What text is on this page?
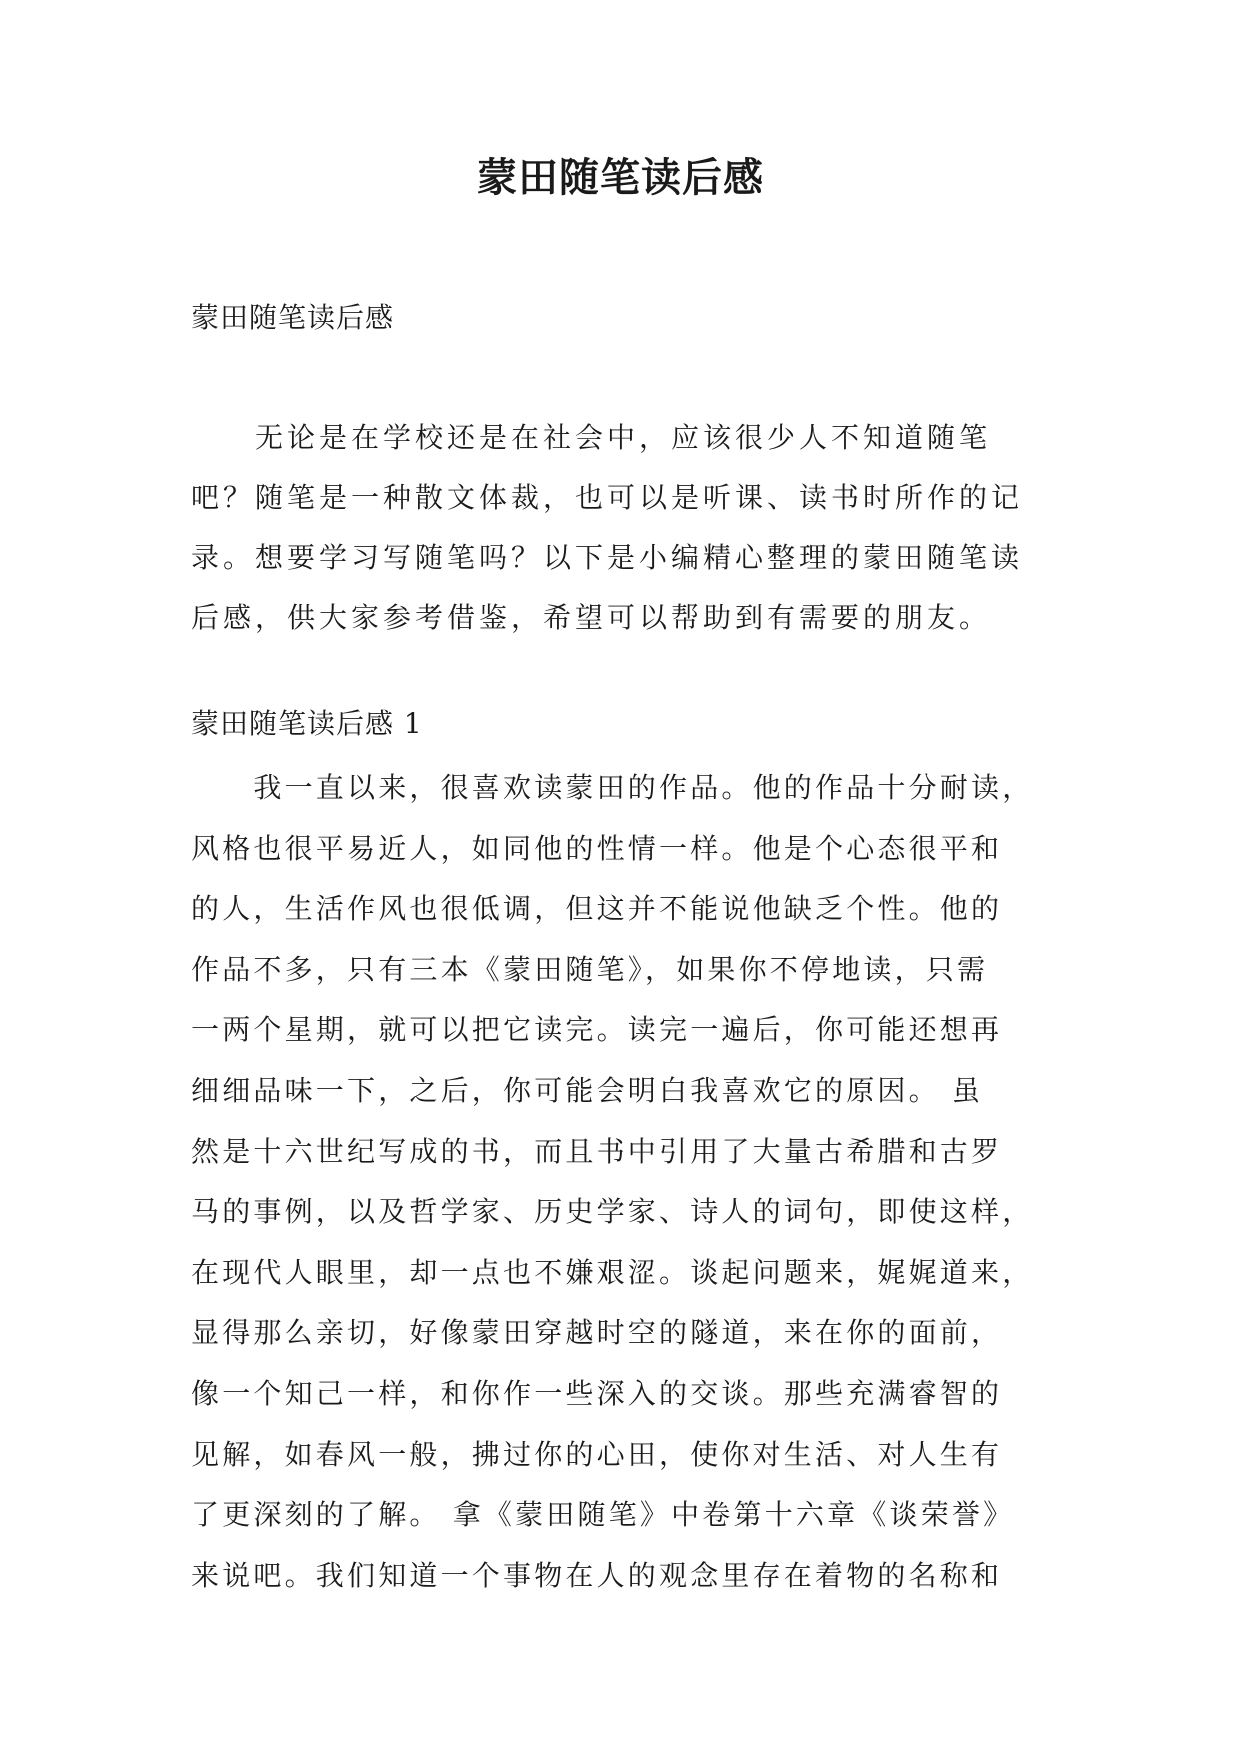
蒙田随笔读后感

蒙田随笔读后感

　　无论是在学校还是在社会中，应该很少人不知道随笔
吧？随笔是一种散文体裁，也可以是听课、读书时所作的记
录。想要学习写随笔吗？以下是小编精心整理的蒙田随笔读
后感，供大家参考借鉴，希望可以帮助到有需要的朋友。

蒙田随笔读后感 1

　　我一直以来，很喜欢读蒙田的作品。他的作品十分耐读，
风格也很平易近人，如同他的性情一样。他是个心态很平和
的人，生活作风也很低调，但这并不能说他缺乏个性。他的
作品不多，只有三本《蒙田随笔》，如果你不停地读，只需
一两个星期，就可以把它读完。读完一遍后，你可能还想再
细细品味一下，之后，你可能会明白我喜欢它的原因。 虽
然是十六世纪写成的书，而且书中引用了大量古希腊和古罗
马的事例，以及哲学家、历史学家、诗人的词句，即使这样，
在现代人眼里，却一点也不嫌艰涩。谈起问题来，娓娓道来，
显得那么亲切，好像蒙田穿越时空的隧道，来在你的面前，
像一个知己一样，和你作一些深入的交谈。那些充满睿智的
见解，如春风一般，拂过你的心田，使你对生活、对人生有
了更深刻的了解。 拿《蒙田随笔》中卷第十六章《谈荣誉》
来说吧。我们知道一个事物在人的观念里存在着物的名称和
